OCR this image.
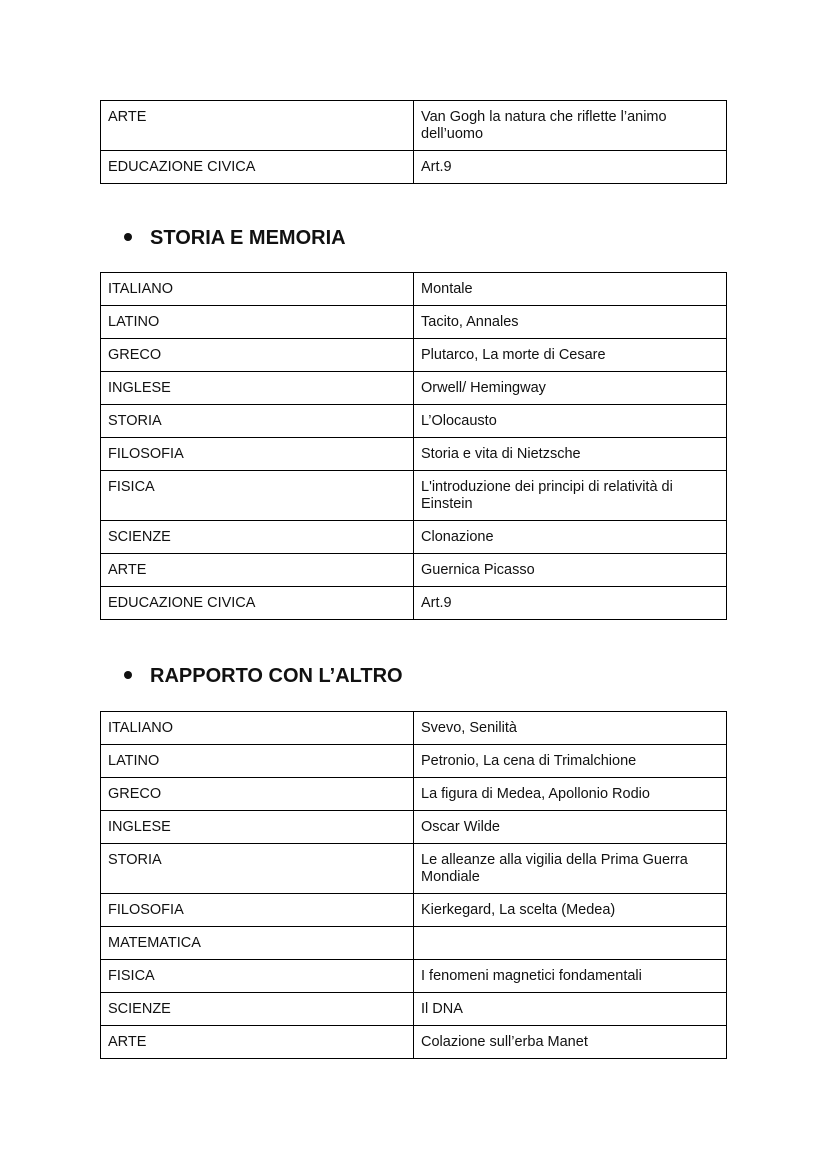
ARTE	Van Gogh la natura che riflette l’animo dell’uomo
EDUCAZIONE CIVICA	Art.9
STORIA E MEMORIA
ITALIANO	Montale
LATINO	Tacito, Annales
GRECO	Plutarco, La morte di Cesare
INGLESE	Orwell/ Hemingway
STORIA	L’Olocausto
FILOSOFIA	Storia e vita di Nietzsche
FISICA	L'introduzione dei principi di relatività di Einstein
SCIENZE	Clonazione
ARTE	Guernica Picasso
EDUCAZIONE CIVICA	Art.9
RAPPORTO CON L’ALTRO
ITALIANO	Svevo, Senilità
LATINO	Petronio, La cena di Trimalchione
GRECO	La figura di Medea, Apollonio Rodio
INGLESE	Oscar Wilde
STORIA	Le alleanze alla vigilia della Prima Guerra Mondiale
FILOSOFIA	Kierkegard, La scelta (Medea)
MATEMATICA	
FISICA	I fenomeni magnetici fondamentali
SCIENZE	Il DNA
ARTE	Colazione sull’erba Manet
